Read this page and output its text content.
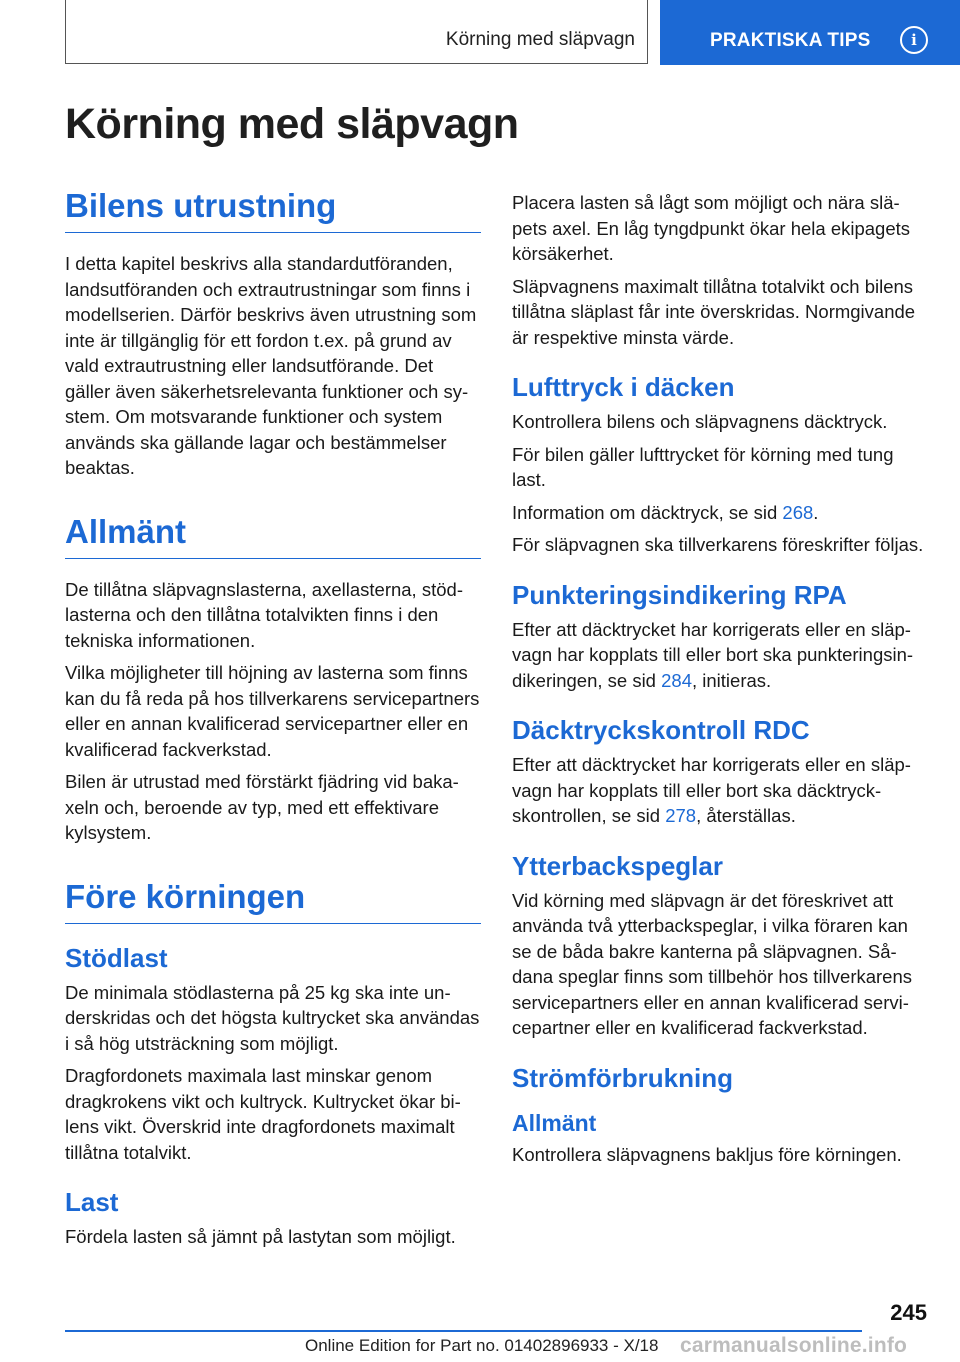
Körning med släpvagn	PRAKTISKA TIPS	i
Körning med släpvagn
Bilens utrustning

I detta kapitel beskrivs alla standardutföranden, landsutföranden och extrautrustningar som finns i modellserien. Därför beskrivs även utrustning som inte är tillgänglig för ett fordon t.ex. på grund av vald extrautrustning eller landsutförande. Det gäller även säkerhetsrelevanta funktioner och system. Om motsvarande funktioner och system används ska gällande lagar och bestämmelser beaktas.

Allmänt

De tillåtna släpvagnslasterna, axellasterna, stödlasterna och den tillåtna totalvikten finns i den tekniska informationen.

Vilka möjligheter till höjning av lasterna som finns kan du få reda på hos tillverkarens servicepartners eller en annan kvalificerad servicepartner eller en kvalificerad fackverkstad.

Bilen är utrustad med förstärkt fjädring vid bakaxeln och, beroende av typ, med ett effektivare kylsystem.

Före körningen
Stödlast

De minimala stödlasterna på 25 kg ska inte underskridas och det högsta kultrycket ska användas i så hög utsträckning som möjligt.

Dragfordonets maximala last minskar genom dragkrokens vikt och kultryck. Kultrycket ökar bilens vikt. Överskrid inte dragfordonets maximalt tillåtna totalvikt.

Last

Fördela lasten så jämnt på lastytan som möjligt.

Placera lasten så lågt som möjligt och nära släpets axel. En låg tyngdpunkt ökar hela ekipagets körsäkerhet.

Släpvagnens maximalt tillåtna totalvikt och bilens tillåtna släplast får inte överskridas. Normgivande är respektive minsta värde.

Lufttryck i däcken

Kontrollera bilens och släpvagnens däcktryck.

För bilen gäller lufttrycket för körning med tung last.

Information om däcktryck, se sid 268.

För släpvagnen ska tillverkarens föreskrifter följas.

Punkteringsindikering RPA

Efter att däcktrycket har korrigerats eller en släpvagn har kopplats till eller bort ska punkteringsindikeringen, se sid 284, initieras.

Däcktryckskontroll RDC

Efter att däcktrycket har korrigerats eller en släpvagn har kopplats till eller bort ska däcktryckskontrollen, se sid 278, återställas.

Ytterbackspeglar

Vid körning med släpvagn är det föreskrivet att använda två ytterbackspeglar, i vilka föraren kan se de båda bakre kanterna på släpvagnen. Sådana speglar finns som tillbehör hos tillverkarens servicepartners eller en annan kvalificerad servicepartner eller en kvalificerad fackverkstad.

Strömförbrukning
Allmänt

Kontrollera släpvagnens bakljus före körningen.

245
Online Edition for Part no. 01402896933 - X/18 carmanualsonline.info
